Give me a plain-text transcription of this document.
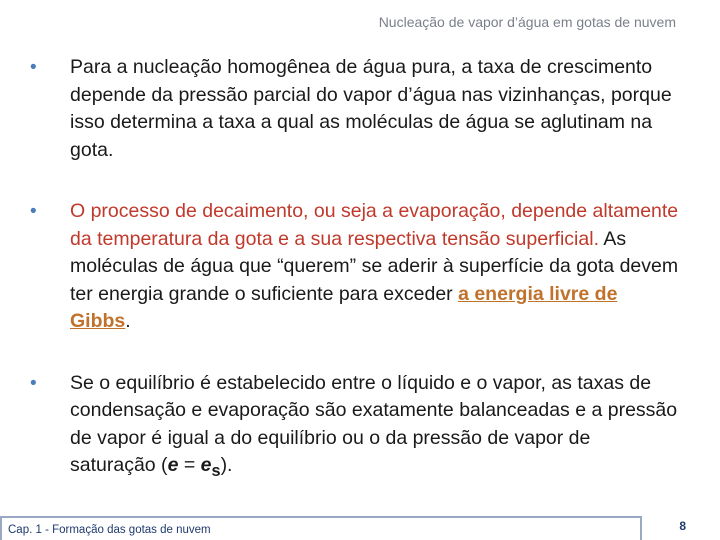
Nucleação de vapor d’água em gotas de nuvem
•	Para a nucleação homogênea de água pura, a taxa de crescimento depende da pressão parcial do vapor d’água nas vizinhanças, porque isso determina a taxa a qual as moléculas de água se aglutinam na gota.
•	O processo de decaimento, ou seja a evaporação, depende altamente da temperatura da gota e a sua respectiva tensão superficial. As moléculas de água que “querem” se aderir à superfície da gota devem ter energia grande o suficiente para exceder a energia livre de Gibbs.
•	Se o equilíbrio é estabelecido entre o líquido e o vapor, as taxas de condensação e evaporação são exatamente balanceadas e a pressão de vapor é igual a do equilíbrio ou o da pressão de vapor de saturação $(e = e_s)$.
Cap. 1 - Formação das gotas de nuvem	8
